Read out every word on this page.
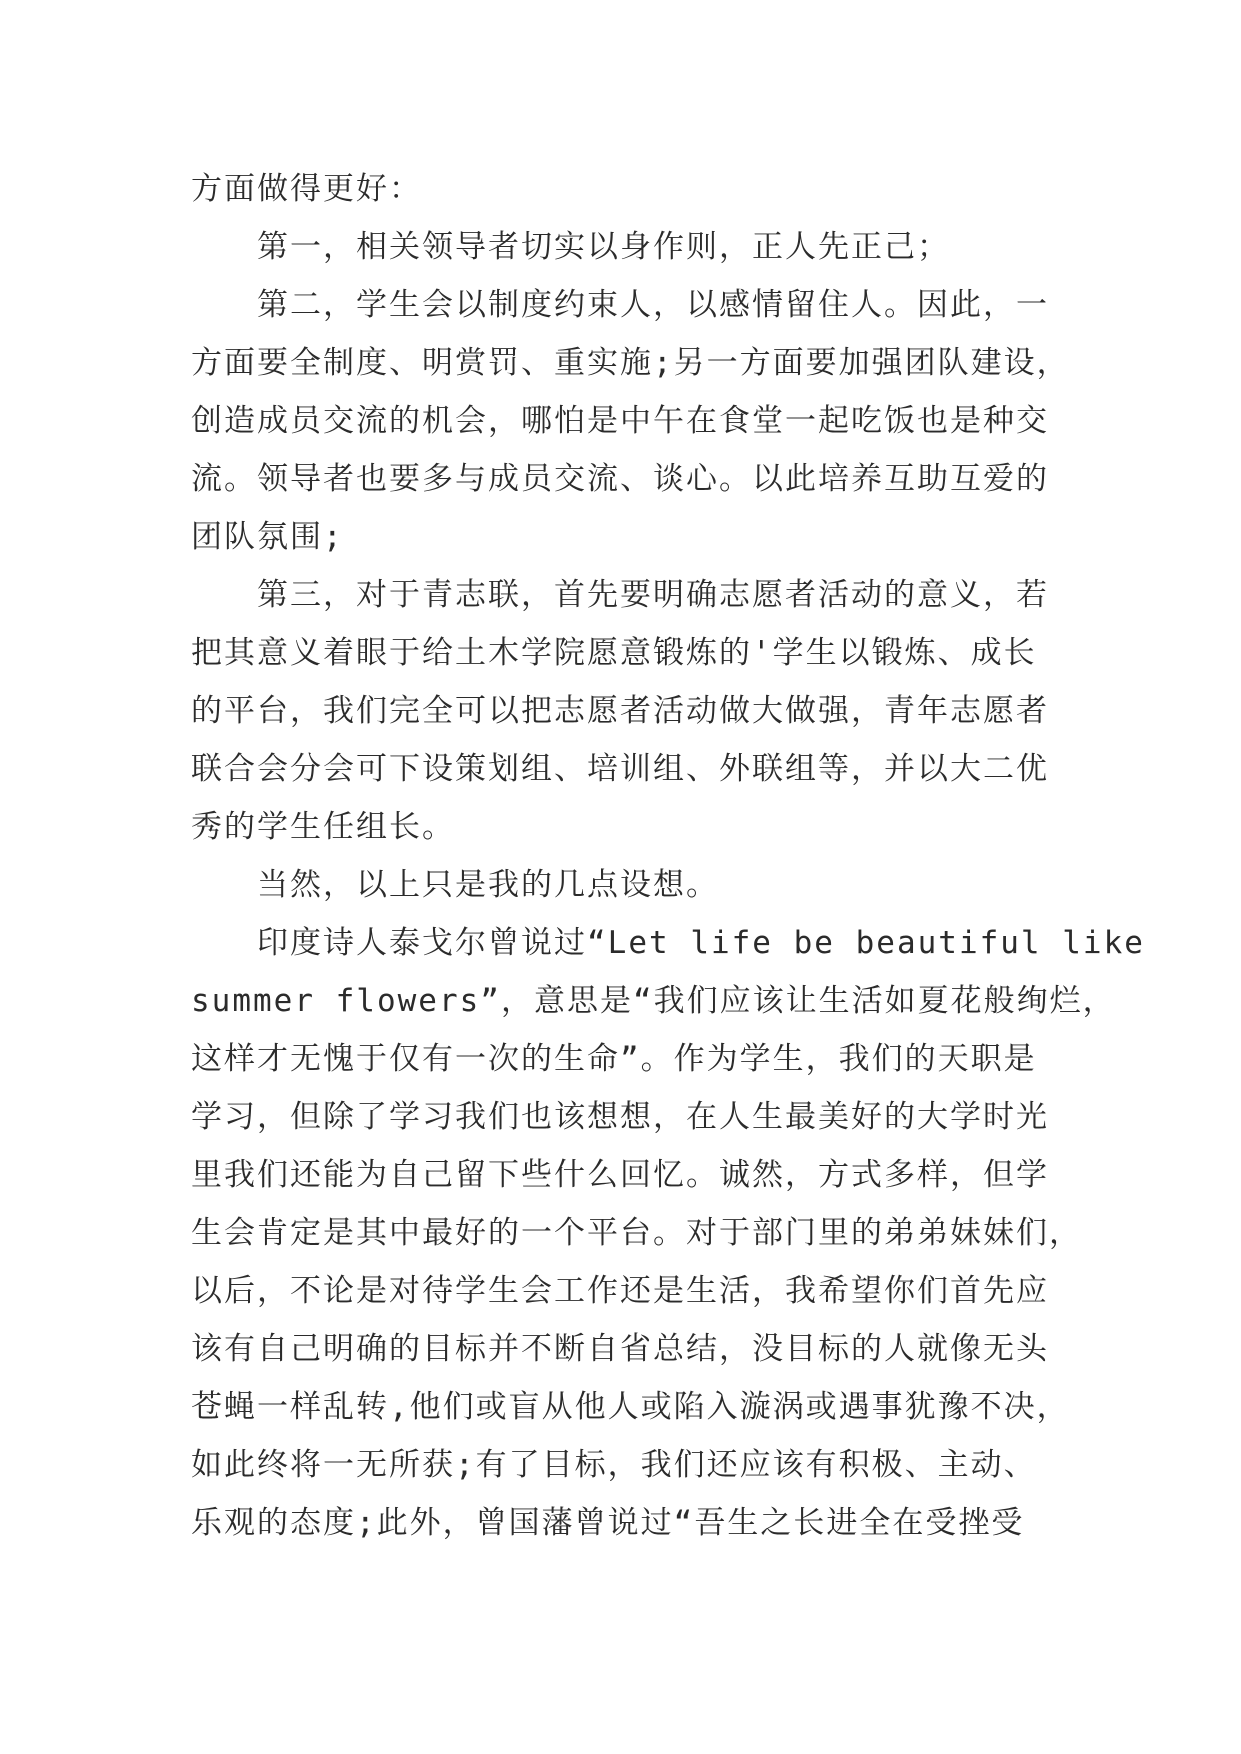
方面做得更好：
第一，相关领导者切实以身作则，正人先正己；
第二，学生会以制度约束人，以感情留住人。因此，一
方面要全制度、明赏罚、重实施;另一方面要加强团队建设，
创造成员交流的机会，哪怕是中午在食堂一起吃饭也是种交
流。领导者也要多与成员交流、谈心。以此培养互助互爱的
团队氛围;
第三，对于青志联，首先要明确志愿者活动的意义，若
把其意义着眼于给土木学院愿意锻炼的'学生以锻炼、成长
的平台，我们完全可以把志愿者活动做大做强，青年志愿者
联合会分会可下设策划组、培训组、外联组等，并以大二优
秀的学生任组长。
当然，以上只是我的几点设想。
印度诗人泰戈尔曾说过“Let life be beautiful like
summer flowers”，意思是“我们应该让生活如夏花般绚烂，
这样才无愧于仅有一次的生命”。作为学生，我们的天职是
学习，但除了学习我们也该想想，在人生最美好的大学时光
里我们还能为自己留下些什么回忆。诚然，方式多样，但学
生会肯定是其中最好的一个平台。对于部门里的弟弟妹妹们，
以后，不论是对待学生会工作还是生活，我希望你们首先应
该有自己明确的目标并不断自省总结，没目标的人就像无头
苍蝇一样乱转,他们或盲从他人或陷入漩涡或遇事犹豫不决，
如此终将一无所获;有了目标，我们还应该有积极、主动、
乐观的态度;此外，曾国藩曾说过“吾生之长进全在受挫受
